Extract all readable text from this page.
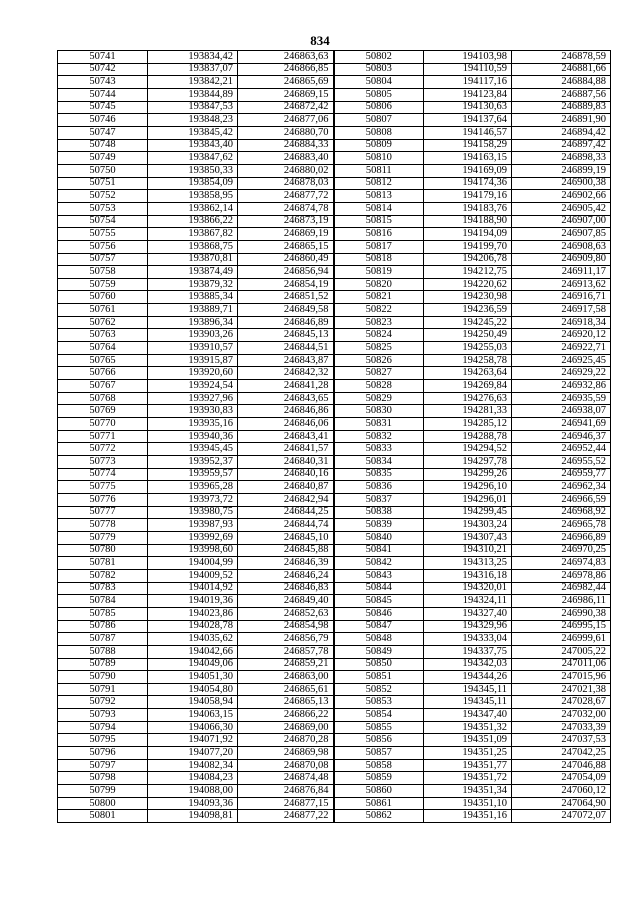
834
50741	193834,42	246863,63	50802	194103,98	246878,59
50742	193837,07	246866,85	50803	194110,59	246881,66
50743	193842,21	246865,69	50804	194117,16	246884,88
50744	193844,89	246869,15	50805	194123,84	246887,56
50745	193847,53	246872,42	50806	194130,63	246889,83
50746	193848,23	246877,06	50807	194137,64	246891,90
50747	193845,42	246880,70	50808	194146,57	246894,42
50748	193843,40	246884,33	50809	194158,29	246897,42
50749	193847,62	246883,40	50810	194163,15	246898,33
50750	193850,33	246880,02	50811	194169,09	246899,19
50751	193854,09	246878,03	50812	194174,36	246900,38
50752	193858,95	246877,72	50813	194179,16	246902,66
50753	193862,14	246874,78	50814	194183,76	246905,42
50754	193866,22	246873,19	50815	194188,90	246907,00
50755	193867,82	246869,19	50816	194194,09	246907,85
50756	193868,75	246865,15	50817	194199,70	246908,63
50757	193870,81	246860,49	50818	194206,78	246909,80
50758	193874,49	246856,94	50819	194212,75	246911,17
50759	193879,32	246854,19	50820	194220,62	246913,62
50760	193885,34	246851,52	50821	194230,98	246916,71
50761	193889,71	246849,58	50822	194236,59	246917,58
50762	193896,34	246846,89	50823	194245,22	246918,34
50763	193903,26	246845,13	50824	194250,49	246920,12
50764	193910,57	246844,51	50825	194255,03	246922,71
50765	193915,87	246843,87	50826	194258,78	246925,45
50766	193920,60	246842,32	50827	194263,64	246929,22
50767	193924,54	246841,28	50828	194269,84	246932,86
50768	193927,96	246843,65	50829	194276,63	246935,59
50769	193930,83	246846,86	50830	194281,33	246938,07
50770	193935,16	246846,06	50831	194285,12	246941,69
50771	193940,36	246843,41	50832	194288,78	246946,37
50772	193945,45	246841,57	50833	194294,52	246952,44
50773	193952,37	246840,31	50834	194297,78	246955,52
50774	193959,57	246840,16	50835	194299,26	246959,77
50775	193965,28	246840,87	50836	194296,10	246962,34
50776	193973,72	246842,94	50837	194296,01	246966,59
50777	193980,75	246844,25	50838	194299,45	246968,92
50778	193987,93	246844,74	50839	194303,24	246965,78
50779	193992,69	246845,10	50840	194307,43	246966,89
50780	193998,60	246845,88	50841	194310,21	246970,25
50781	194004,99	246846,39	50842	194313,25	246974,83
50782	194009,52	246846,24	50843	194316,18	246978,86
50783	194014,92	246846,83	50844	194320,01	246982,44
50784	194019,36	246849,40	50845	194324,11	246986,11
50785	194023,86	246852,63	50846	194327,40	246990,38
50786	194028,78	246854,98	50847	194329,96	246995,15
50787	194035,62	246856,79	50848	194333,04	246999,61
50788	194042,66	246857,78	50849	194337,75	247005,22
50789	194049,06	246859,21	50850	194342,03	247011,06
50790	194051,30	246863,00	50851	194344,26	247015,96
50791	194054,80	246865,61	50852	194345,11	247021,38
50792	194058,94	246865,13	50853	194345,11	247028,67
50793	194063,15	246866,22	50854	194347,40	247032,00
50794	194066,30	246869,00	50855	194351,32	247033,39
50795	194071,92	246870,28	50856	194351,09	247037,53
50796	194077,20	246869,98	50857	194351,25	247042,25
50797	194082,34	246870,08	50858	194351,77	247046,88
50798	194084,23	246874,48	50859	194351,72	247054,09
50799	194088,00	246876,84	50860	194351,34	247060,12
50800	194093,36	246877,15	50861	194351,10	247064,90
50801	194098,81	246877,22	50862	194351,16	247072,07
